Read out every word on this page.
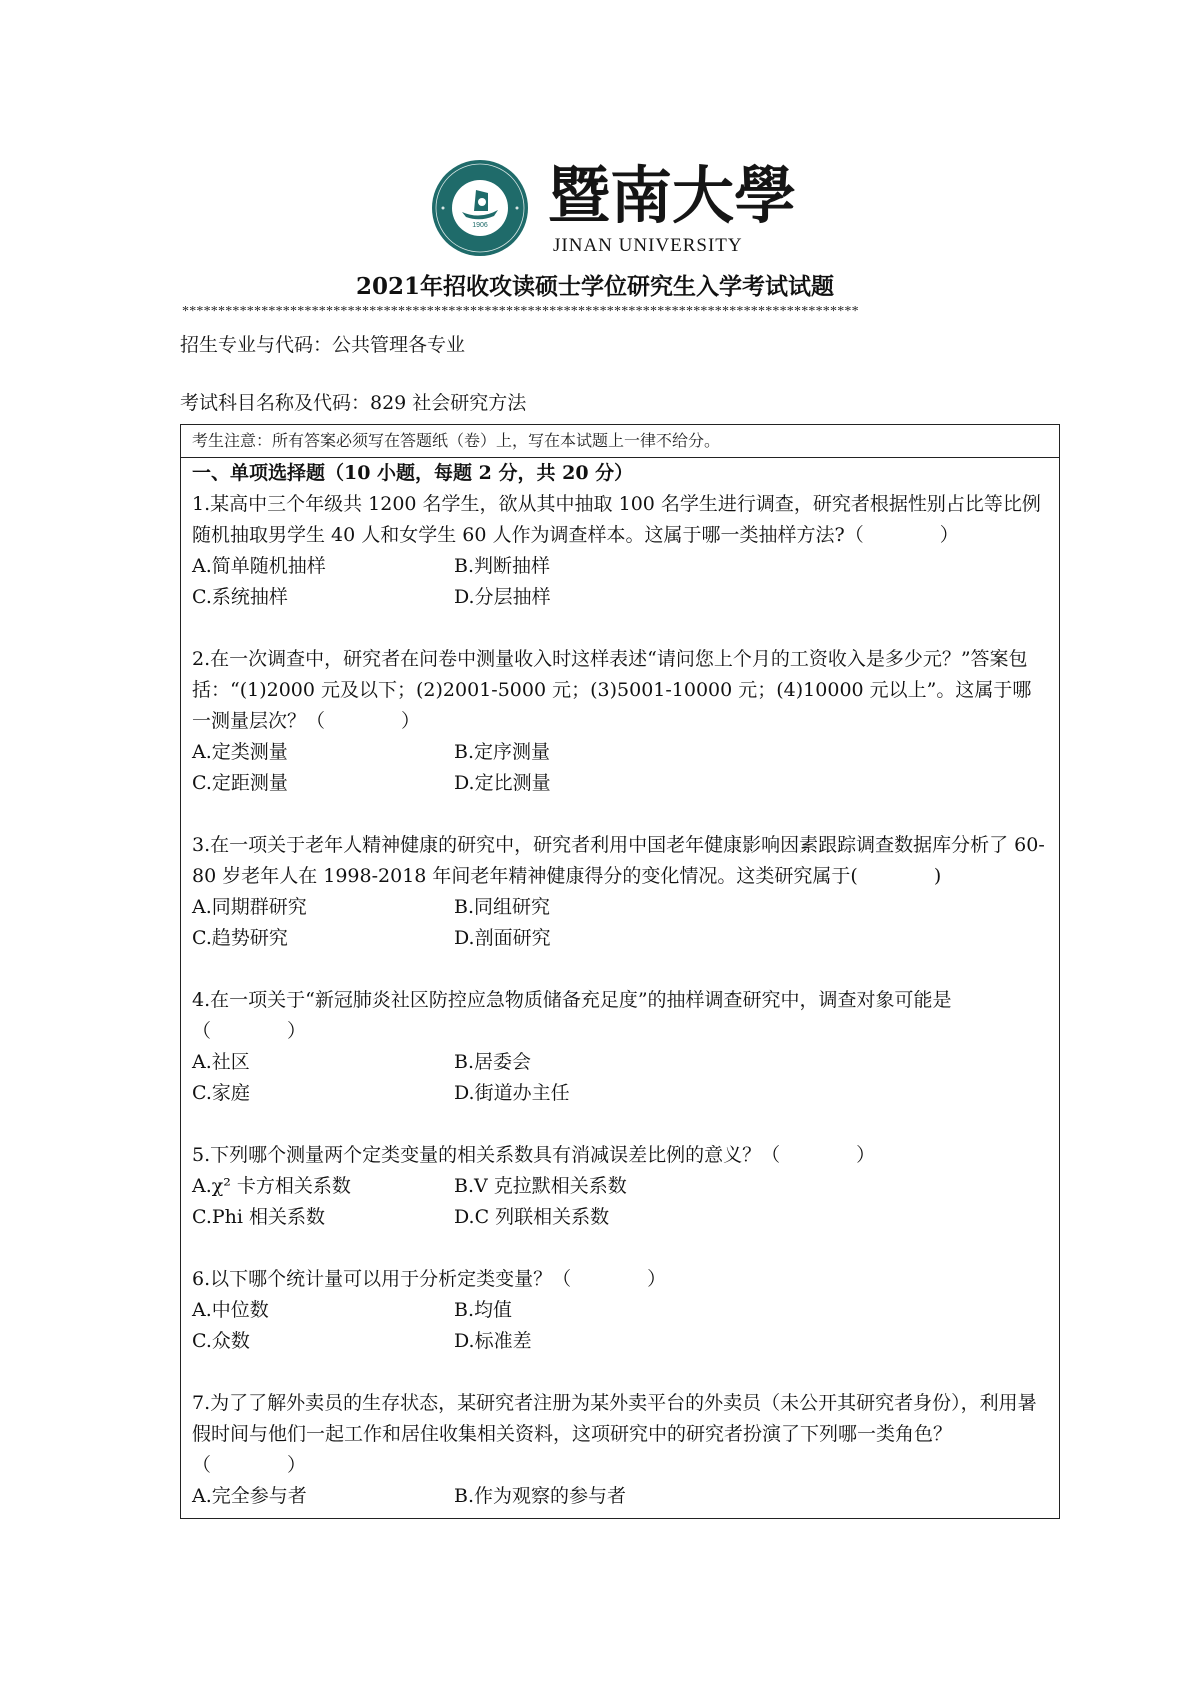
1906 暨南大學
JINAN UNIVERSITY
2021年招收攻读硕士学位研究生入学考试试题
**********************************************************************************************
招生专业与代码：公共管理各专业
考试科目名称及代码：829 社会研究方法
考生注意：所有答案必须写在答题纸（卷）上，写在本试题上一律不给分。
一、单项选择题（10 小题，每题 2 分，共 20 分）
1.某高中三个年级共 1200 名学生，欲从其中抽取 100 名学生进行调查，研究者根据性别占比等比例随机抽取男学生 40 人和女学生 60 人作为调查样本。这属于哪一类抽样方法?（　　　　）
A.简单随机抽样	B.判断抽样
C.系统抽样	D.分层抽样
2.在一次调查中，研究者在问卷中测量收入时这样表述“请问您上个月的工资收入是多少元？”答案包括：“(1)2000 元及以下；(2)2001-5000 元；(3)5001-10000 元；(4)10000 元以上”。这属于哪一测量层次？（　　　　）
A.定类测量	B.定序测量
C.定距测量	D.定比测量
3.在一项关于老年人精神健康的研究中，研究者利用中国老年健康影响因素跟踪调查数据库分析了 60-80 岁老年人在 1998-2018 年间老年精神健康得分的变化情况。这类研究属于(　　　　)
A.同期群研究	B.同组研究
C.趋势研究	D.剖面研究
4.在一项关于“新冠肺炎社区防控应急物质储备充足度”的抽样调查研究中，调查对象可能是（　　　　）
A.社区	B.居委会
C.家庭	D.街道办主任
5.下列哪个测量两个定类变量的相关系数具有消减误差比例的意义？（　　　　）
A.χ² 卡方相关系数	B.V 克拉默相关系数
C.Phi 相关系数	D.C 列联相关系数
6.以下哪个统计量可以用于分析定类变量？（　　　　）
A.中位数	B.均值
C.众数	D.标准差
7.为了了解外卖员的生存状态，某研究者注册为某外卖平台的外卖员（未公开其研究者身份），利用暑假时间与他们一起工作和居住收集相关资料，这项研究中的研究者扮演了下列哪一类角色？（　　　　）
A.完全参与者	B.作为观察的参与者
